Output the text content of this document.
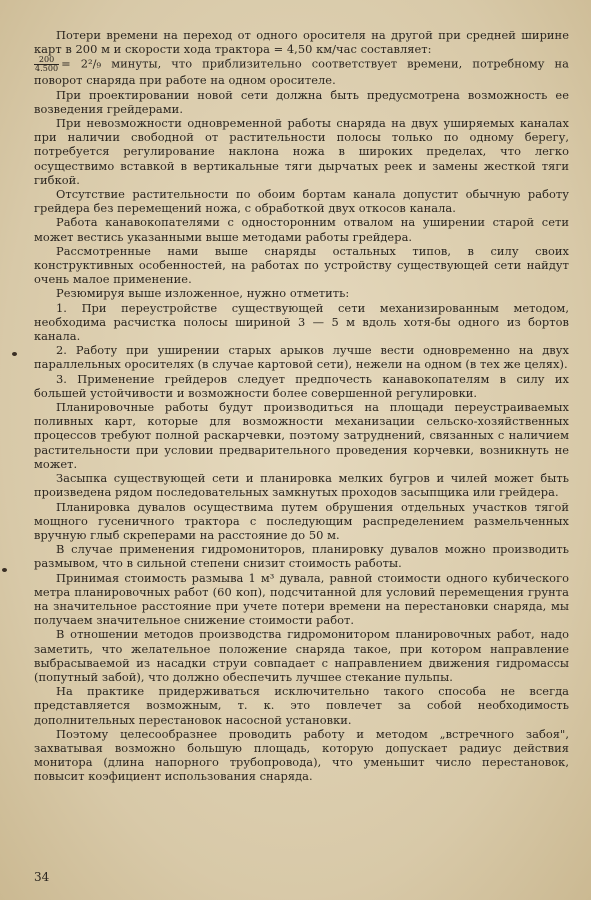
Потери времени на переход от одного оросителя на другой при средней ширине карт в 200 м и скорости хода трактора = 4,50 км/час составляет:

$\frac{200}{4.500} = 2^2/_9$ минуты, что приблизительно соответствует времени, потребному на поворот снаряда при работе на одном оросителе.

При проектировании новой сети должна быть предусмотрена возможность ее возведения грейдерами.

При невозможности одновременной работы снаряда на двух уширяемых каналах при наличии свободной от растительности полосы только по одному берегу, потребуется регулирование наклона ножа в широких пределах, что легко осуществимо вставкой в вертикальные тяги дырчатых реек и замены жесткой тяги гибкой.

Отсутствие растительности по обоим бортам канала допустит обычную работу грейдера без перемещений ножа, с обработкой двух откосов канала.

Работа канавокопателями с односторонним отвалом на уширении старой сети может вестись указанными выше методами работы грейдера.

Рассмотренные нами выше снаряды остальных типов, в силу своих конструктивных особенностей, на работах по устройству существующей сети найдут очень малое применение.

Резюмируя выше изложенное, нужно отметить:

1. При переустройстве существующей сети механизированным методом, необходима расчистка полосы шириной 3 — 5 м вдоль хотя-бы одного из бортов канала.

2. Работу при уширении старых арыков лучше вести одновременно на двух параллельных оросителях (в случае картовой сети), нежели на одном (в тех же целях).

3. Применение грейдеров следует предпочесть канавокопателям в силу их большей устойчивости и возможности более совершенной регулировки.

Планировочные работы будут производиться на площади переустраиваемых поливных карт, которые для возможности механизации сельско-хозяйственных процессов требуют полной раскарчевки, поэтому затруднений, связанных с наличием растительности при условии предварительного проведения корчевки, возникнуть не может.

Засыпка существующей сети и планировка мелких бугров и чилей может быть произведена рядом последовательных замкнутых проходов засыпщика или грейдера.

Планировка дувалов осуществима путем обрушения отдельных участков тягой мощного гусеничного трактора с последующим распределением размельченных вручную глыб скреперами на расстояние до 50 м.

В случае применения гидромониторов, планировку дувалов можно производить размывом, что в сильной степени снизит стоимость работы.

Принимая стоимость размыва 1 м³ дувала, равной стоимости одного кубического метра планировочных работ (60 коп), подсчитанной для условий перемещения грунта на значительное расстояние при учете потери времени на перестановки снаряда, мы получаем значительное снижение стоимости работ.

В отношении методов производства гидромонитором планировочных работ, надо заметить, что желательное положение снаряда такое, при котором направление выбрасываемой из насадки струи совпадает с направлением движения гидромассы (попутный забой), что должно обеспечить лучшее стекание пульпы.

На практике придерживаться исключительно такого способа не всегда представляется возможным, т. к. это повлечет за собой необходимость дополнительных перестановок насосной установки.

Поэтому целесообразнее проводить работу и методом „встречного забоя", захватывая возможно большую площадь, которую допускает радиус действия монитора (длина напорного трубопровода), что уменьшит число перестановок, повысит коэфициент использования снаряда.

34
